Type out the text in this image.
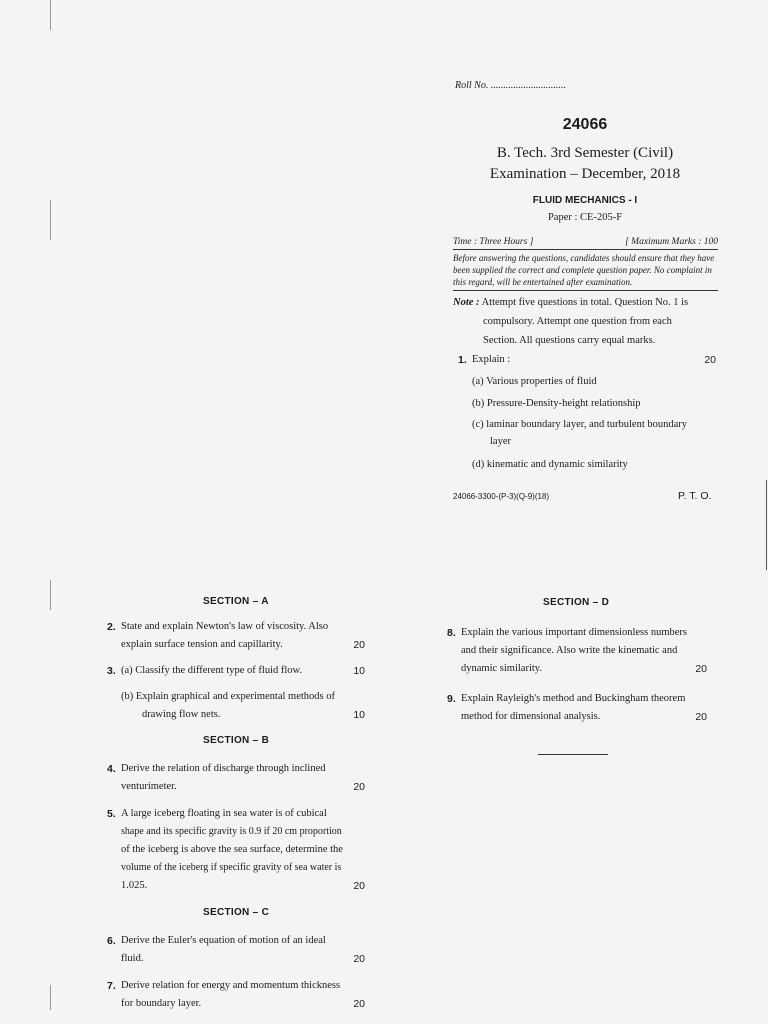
Roll No. ..............................
24066
B. Tech. 3rd Semester (Civil)
Examination – December, 2018
FLUID MECHANICS - I
Paper : CE-205-F
Time : Three Hours ]	[ Maximum Marks : 100
Before answering the questions, candidates should ensure that they have been supplied the correct and complete question paper. No complaint in this regard, will be entertained after examination.
Note : Attempt five questions in total. Question No. 1 is
compulsory. Attempt one question from each
Section. All questions carry equal marks.
1. Explain :	20
(a) Various properties of fluid
(b) Pressure-Density-height relationship
(c) laminar boundary layer, and turbulent boundary
layer
(d) kinematic and dynamic similarity
24066-3300-(P-3)(Q-9)(18)	P. T. O.
SECTION – A
2. State and explain Newton's law of viscosity. Also
explain surface tension and capillarity.	20
3. (a) Classify the different type of fluid flow.	10
(b) Explain graphical and experimental methods of
drawing flow nets.	10
SECTION – B
4. Derive the relation of discharge through inclined
venturimeter.	20
5. A large iceberg floating in sea water is of cubical
shape and its specific gravity is 0.9 if 20 cm proportion
of the iceberg is above the sea surface, determine the
volume of the iceberg if specific gravity of sea water is
1.025.	20
SECTION – C
6. Derive the Euler's equation of motion of an ideal
fluid.	20
7. Derive relation for energy and momentum thickness
for boundary layer.	20
SECTION – D
8. Explain the various important dimensionless numbers
and their significance. Also write the kinematic and
dynamic similarity.	20
9. Explain Rayleigh's method and Buckingham theorem
method for dimensional analysis.	20
